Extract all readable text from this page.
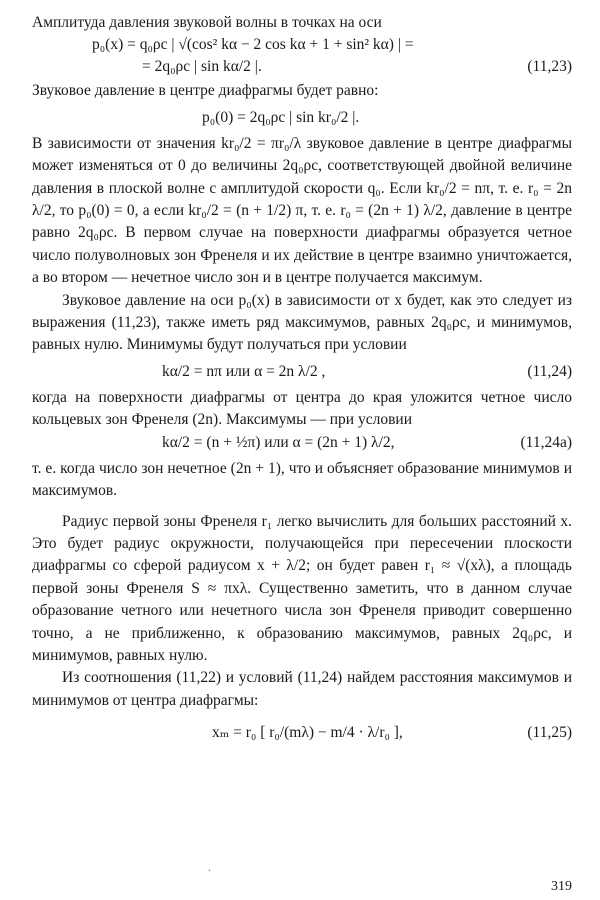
Амплитуда давления звуковой волны в точках на оси

p₀(x) = q₀ρc | √(cos² kα − 2 cos kα + 1 + sin² kα) | =
= 2q₀ρc | sin kα/2 |.	(11,23)

Звуковое давление в центре диафрагмы будет равно:

p₀(0) = 2q₀ρc | sin kr₀/2 |.

В зависимости от значения kr₀/2 = πr₀/λ звуковое давление в центре диафрагмы может изменяться от 0 до величины 2q₀ρc, соответствующей двойной величине давления в плоской волне с амплитудой скорости q₀. Если kr₀/2 = nπ, т. е. r₀ = 2n λ/2, то p₀(0) = 0, а если kr₀/2 = (n + 1/2) π, т. е. r₀ = (2n + 1) λ/2, давление в центре равно 2q₀ρc. В первом случае на поверхности диафрагмы образуется четное число полуволновых зон Френеля и их действие в центре взаимно уничтожается, а во втором — нечетное число зон и в центре получается максимум.

Звуковое давление на оси p₀(x) в зависимости от x будет, как это следует из выражения (11,23), также иметь ряд максимумов, равных 2q₀ρc, и минимумов, равных нулю. Минимумы будут получаться при условии

kα/2 = nπ или α = 2n λ/2 ,	(11,24)

когда на поверхности диафрагмы от центра до края уложится четное число кольцевых зон Френеля (2n). Максимумы — при условии

kα/2 = (n + ½π) или α = (2n + 1) λ/2,	(11,24a)

т. е. когда число зон нечетное (2n + 1), что и объясняет образование минимумов и максимумов.

Радиус первой зоны Френеля r₁ легко вычислить для больших расстояний x. Это будет радиус окружности, получающейся при пересечении плоскости диафрагмы со сферой радиусом x + λ/2; он будет равен r₁ ≈ √(xλ), а площадь первой зоны Френеля S ≈ πxλ. Существенно заметить, что в данном случае образование четного или нечетного числа зон Френеля приводит совершенно точно, а не приближенно, к образованию максимумов, равных 2q₀ρc, и минимумов, равных нулю.

Из соотношения (11,22) и условий (11,24) найдем расстояния максимумов и минимумов от центра диафрагмы:

xₘ = r₀ [ r₀/(mλ) − m/4 · λ/r₀ ],	(11,25)
.
319
